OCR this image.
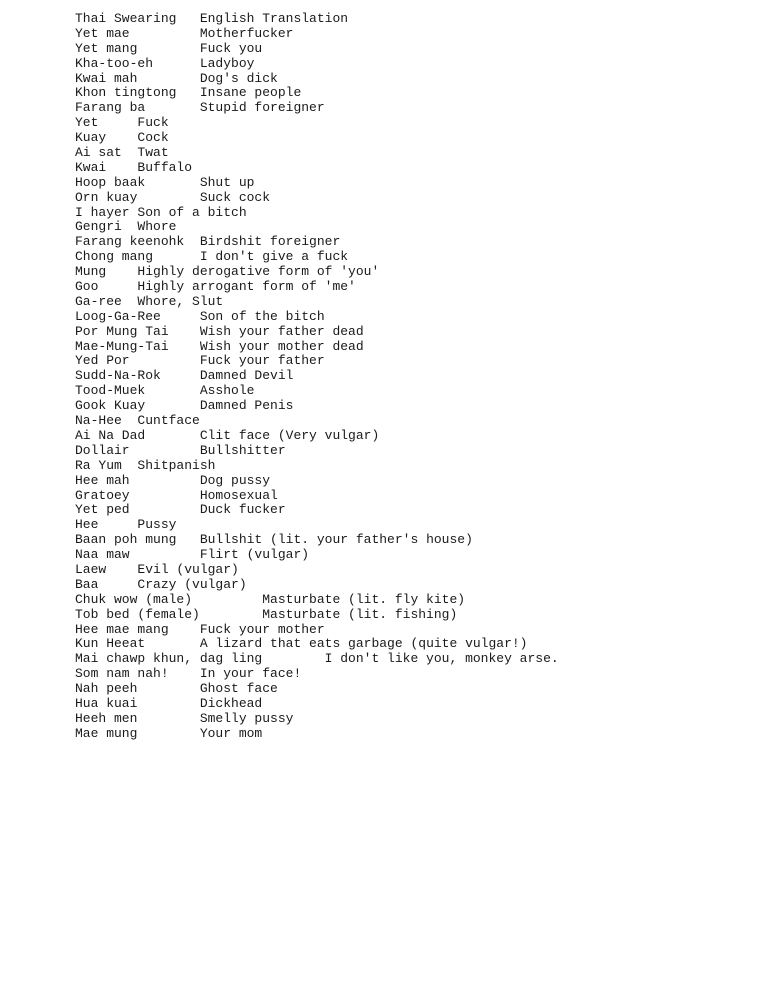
Thai Swearing	English Translation
Yet mae		Motherfucker
Yet mang	Fuck you
Kha-too-eh	Ladyboy
Kwai mah	Dog's dick
Khon tingtong	Insane people
Farang ba	Stupid foreigner
Yet	Fuck
Kuay	Cock
Ai sat	Twat
Kwai	Buffalo
Hoop baak	Shut up
Orn kuay	Suck cock
I hayer	Son of a bitch
Gengri	Whore
Farang keenohk	Birdshit foreigner
Chong mang	I don't give a fuck
Mung	Highly derogative form of 'you'
Goo	Highly arrogant form of 'me'
Ga-ree	Whore, Slut
Loog-Ga-Ree	Son of the bitch
Por Mung Tai	Wish your father dead
Mae-Mung-Tai	Wish your mother dead
Yed Por		Fuck your father
Sudd-Na-Rok	Damned Devil
Tood-Muek	Asshole
Gook Kuay	Damned Penis
Na-Hee	Cuntface
Ai Na Dad	Clit face (Very vulgar)
Dollair		Bullshitter
Ra Yum	Shitpanish
Hee mah		Dog pussy
Gratoey		Homosexual
Yet ped		Duck fucker
Hee	Pussy
Baan poh mung	Bullshit (lit. your father's house)
Naa maw		Flirt (vulgar)
Laew	Evil (vulgar)
Baa	Crazy (vulgar)
Chuk wow (male)		Masturbate (lit. fly kite)
Tob bed (female)	Masturbate (lit. fishing)
Hee mae mang	Fuck your mother
Kun Heeat	A lizard that eats garbage (quite vulgar!)
Mai chawp khun, dag ling	I don't like you, monkey arse.
Som nam nah!	In your face!
Nah peeh	Ghost face
Hua kuai	Dickhead
Heeh men	Smelly pussy
Mae mung	Your mom
